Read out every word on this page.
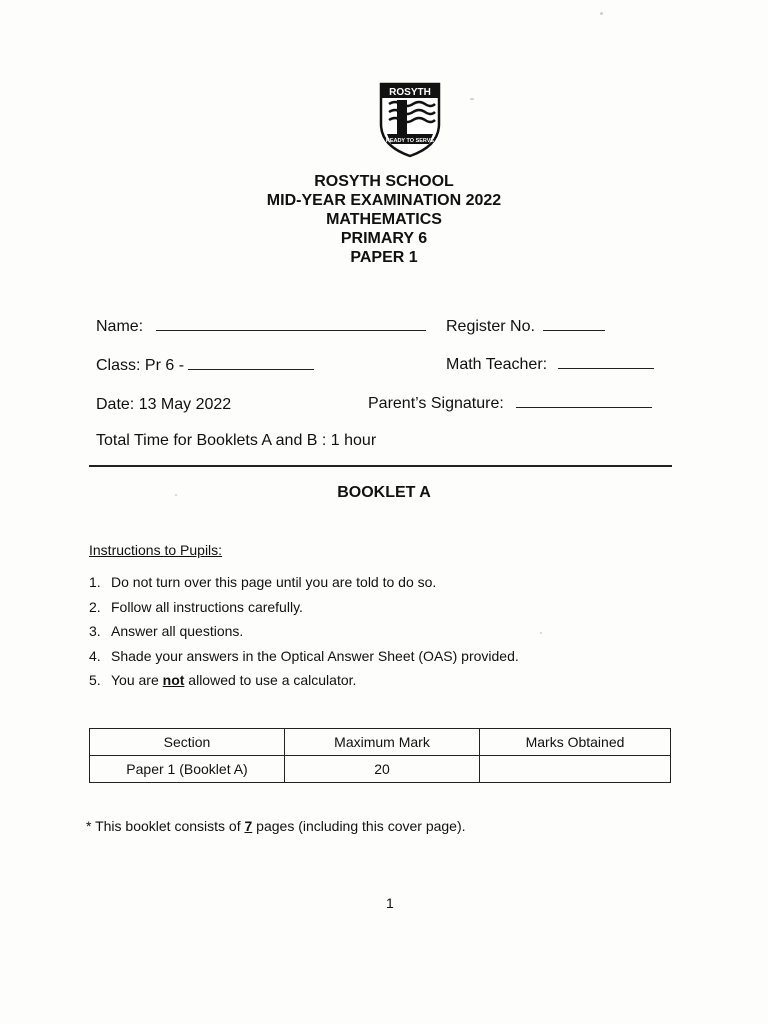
ROSYTH
READY TO SERVE
ROSYTH SCHOOL
MID-YEAR EXAMINATION 2022
MATHEMATICS
PRIMARY 6
PAPER 1
Name:	Register No.
Class: Pr 6 -	Math Teacher:
Date: 13 May 2022	Parent’s Signature:
Total Time for Booklets A and B : 1 hour
BOOKLET A
Instructions to Pupils:
1. Do not turn over this page until you are told to do so.
2. Follow all instructions carefully.
3. Answer all questions.
4. Shade your answers in the Optical Answer Sheet (OAS) provided.
5. You are not allowed to use a calculator.
Section	Maximum Mark	Marks Obtained
Paper 1 (Booklet A)	20	
* This booklet consists of 7 pages (including this cover page).
1
